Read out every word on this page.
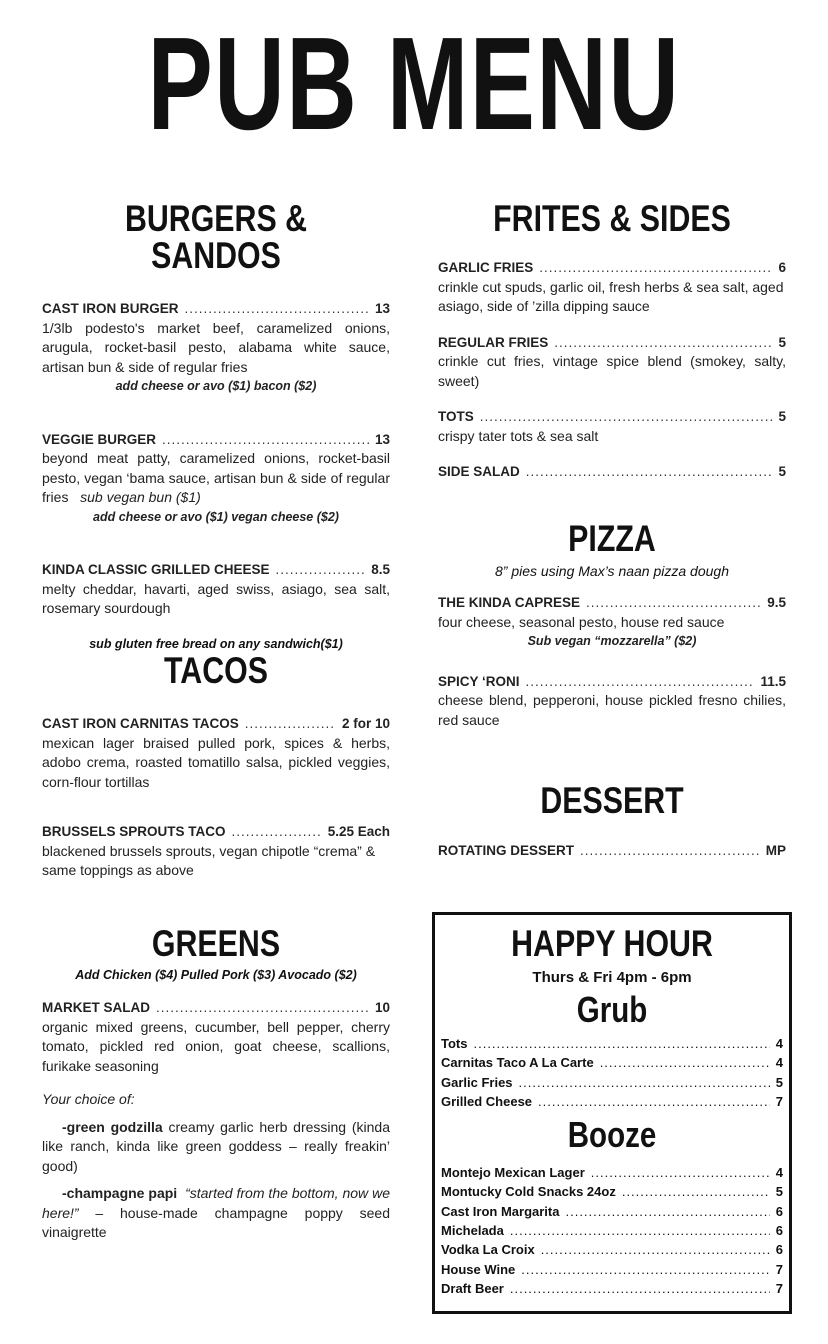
PUB MENU
BURGERS & SANDOS
CAST IRON BURGER .....	13
1/3lb podesto's market beef, caramelized onions, arugula, rocket-basil pesto, alabama white sauce, artisan bun & side of regular fries
add cheese or avo ($1) bacon ($2)
VEGGIE BURGER .....	13
beyond meat patty, caramelized onions, rocket-basil pesto, vegan ‘bama sauce, artisan bun & side of regular fries sub vegan bun ($1)
add cheese or avo ($1) vegan cheese ($2)
KINDA CLASSIC GRILLED CHEESE .....	8.5
melty cheddar, havarti, aged swiss, asiago, sea salt, rosemary sourdough
sub gluten free bread on any sandwich($1)
TACOS
CAST IRON CARNITAS TACOS .....	2 for 10
mexican lager braised pulled pork, spices & herbs, adobo crema, roasted tomatillo salsa, pickled veggies, corn-flour tortillas
BRUSSELS SPROUTS TACO .....	5.25 Each
blackened brussels sprouts, vegan chipotle “crema” & same toppings as above
GREENS
Add Chicken ($4) Pulled Pork ($3) Avocado ($2)
MARKET SALAD .....	10
organic mixed greens, cucumber, bell pepper, cherry tomato, pickled red onion, goat cheese, scallions, furikake seasoning
Your choice of:
-green godzilla creamy garlic herb dressing (kinda like ranch, kinda like green goddess – really freakin’ good)
-champagne papi “started from the bottom, now we here!” – house-made champagne poppy seed vinaigrette
FRITES & SIDES
GARLIC FRIES .....	6
crinkle cut spuds, garlic oil, fresh herbs & sea salt, aged asiago, side of ’zilla dipping sauce
REGULAR FRIES .....	5
crinkle cut fries, vintage spice blend (smokey, salty, sweet)
TOTS .....	5
crispy tater tots & sea salt
SIDE SALAD .....	5
PIZZA
8” pies using Max’s naan pizza dough
THE KINDA CAPRESE .....	9.5
four cheese, seasonal pesto, house red sauce
Sub vegan “mozzarella” ($2)
SPICY ‘RONI .....	11.5
cheese blend, pepperoni, house pickled fresno chilies, red sauce
DESSERT
ROTATING DESSERT .....	MP
HAPPY HOUR
Thurs & Fri 4pm - 6pm
Grub
Tots .....	4
Carnitas Taco A La Carte .....	4
Garlic Fries .....	5
Grilled Cheese .....	7
Booze
Montejo Mexican Lager .....	4
Montucky Cold Snacks 24oz .....	5
Cast Iron Margarita .....	6
Michelada .....	6
Vodka La Croix .....	6
House Wine .....	7
Draft Beer .....	7
